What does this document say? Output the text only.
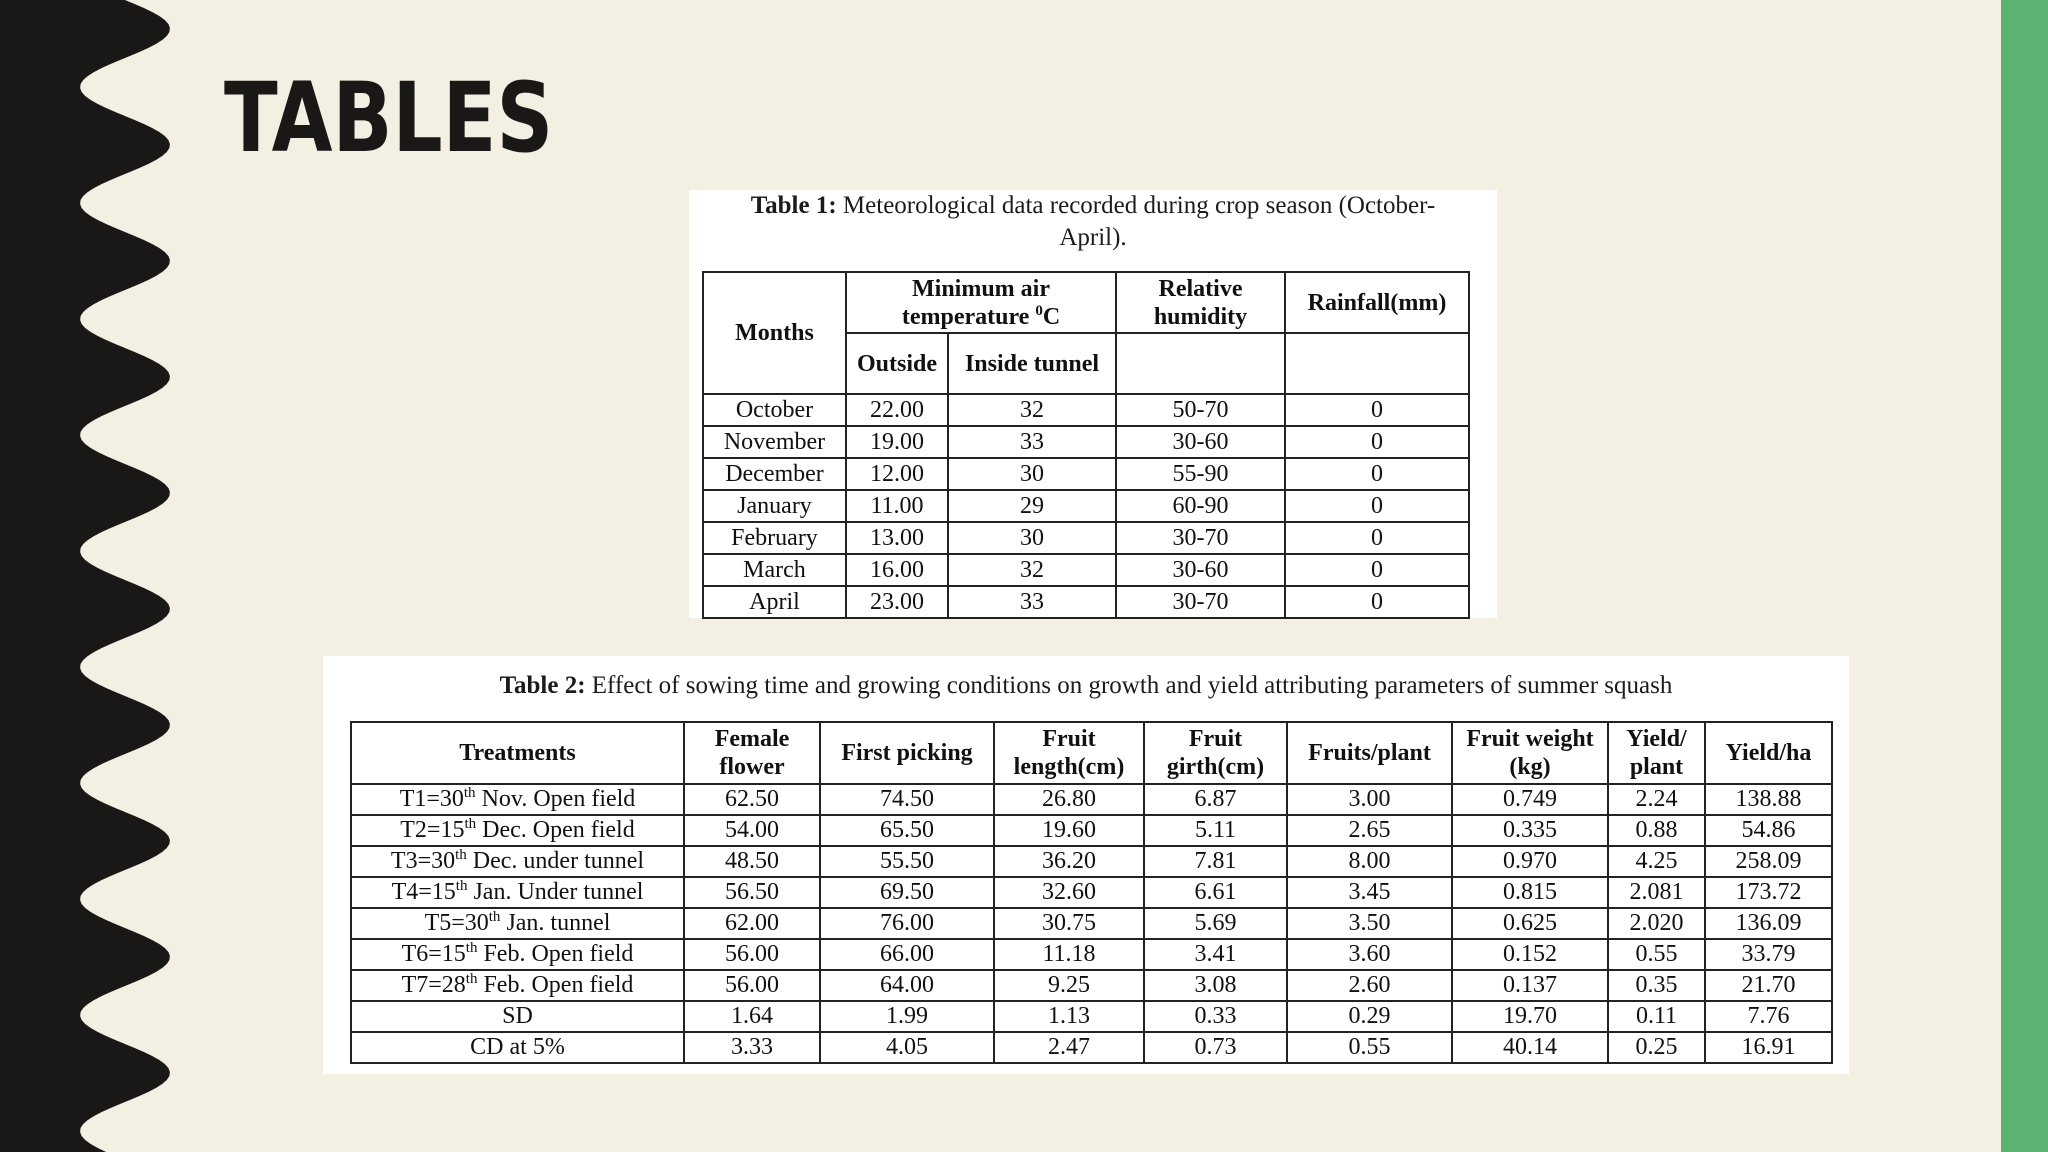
TABLES
Table 1: Meteorological data recorded during crop season (October-April).
Months	Minimum air temperature $^0$C		Relative humidity	Rainfall(mm)
	Outside	Inside tunnel		
October	22.00	32	50-70	0
November	19.00	33	30-60	0
December	12.00	30	55-90	0
January	11.00	29	60-90	0
February	13.00	30	30-70	0
March	16.00	32	30-60	0
April	23.00	33	30-70	0
Table 2: Effect of sowing time and growing conditions on growth and yield attributing parameters of summer squash
Treatments	Female flower	First picking	Fruit length(cm)	Fruit girth(cm)	Fruits/plant	Fruit weight (kg)	Yield/ plant	Yield/ha
T1=30th Nov. Open field	62.50	74.50	26.80	6.87	3.00	0.749	2.24	138.88
T2=15th Dec. Open field	54.00	65.50	19.60	5.11	2.65	0.335	0.88	54.86
T3=30th Dec. under tunnel	48.50	55.50	36.20	7.81	8.00	0.970	4.25	258.09
T4=15th Jan. Under tunnel	56.50	69.50	32.60	6.61	3.45	0.815	2.081	173.72
T5=30th Jan. tunnel	62.00	76.00	30.75	5.69	3.50	0.625	2.020	136.09
T6=15th Feb. Open field	56.00	66.00	11.18	3.41	3.60	0.152	0.55	33.79
T7=28th Feb. Open field	56.00	64.00	9.25	3.08	2.60	0.137	0.35	21.70
SD	1.64	1.99	1.13	0.33	0.29	19.70	0.11	7.76
CD at 5%	3.33	4.05	2.47	0.73	0.55	40.14	0.25	16.91
